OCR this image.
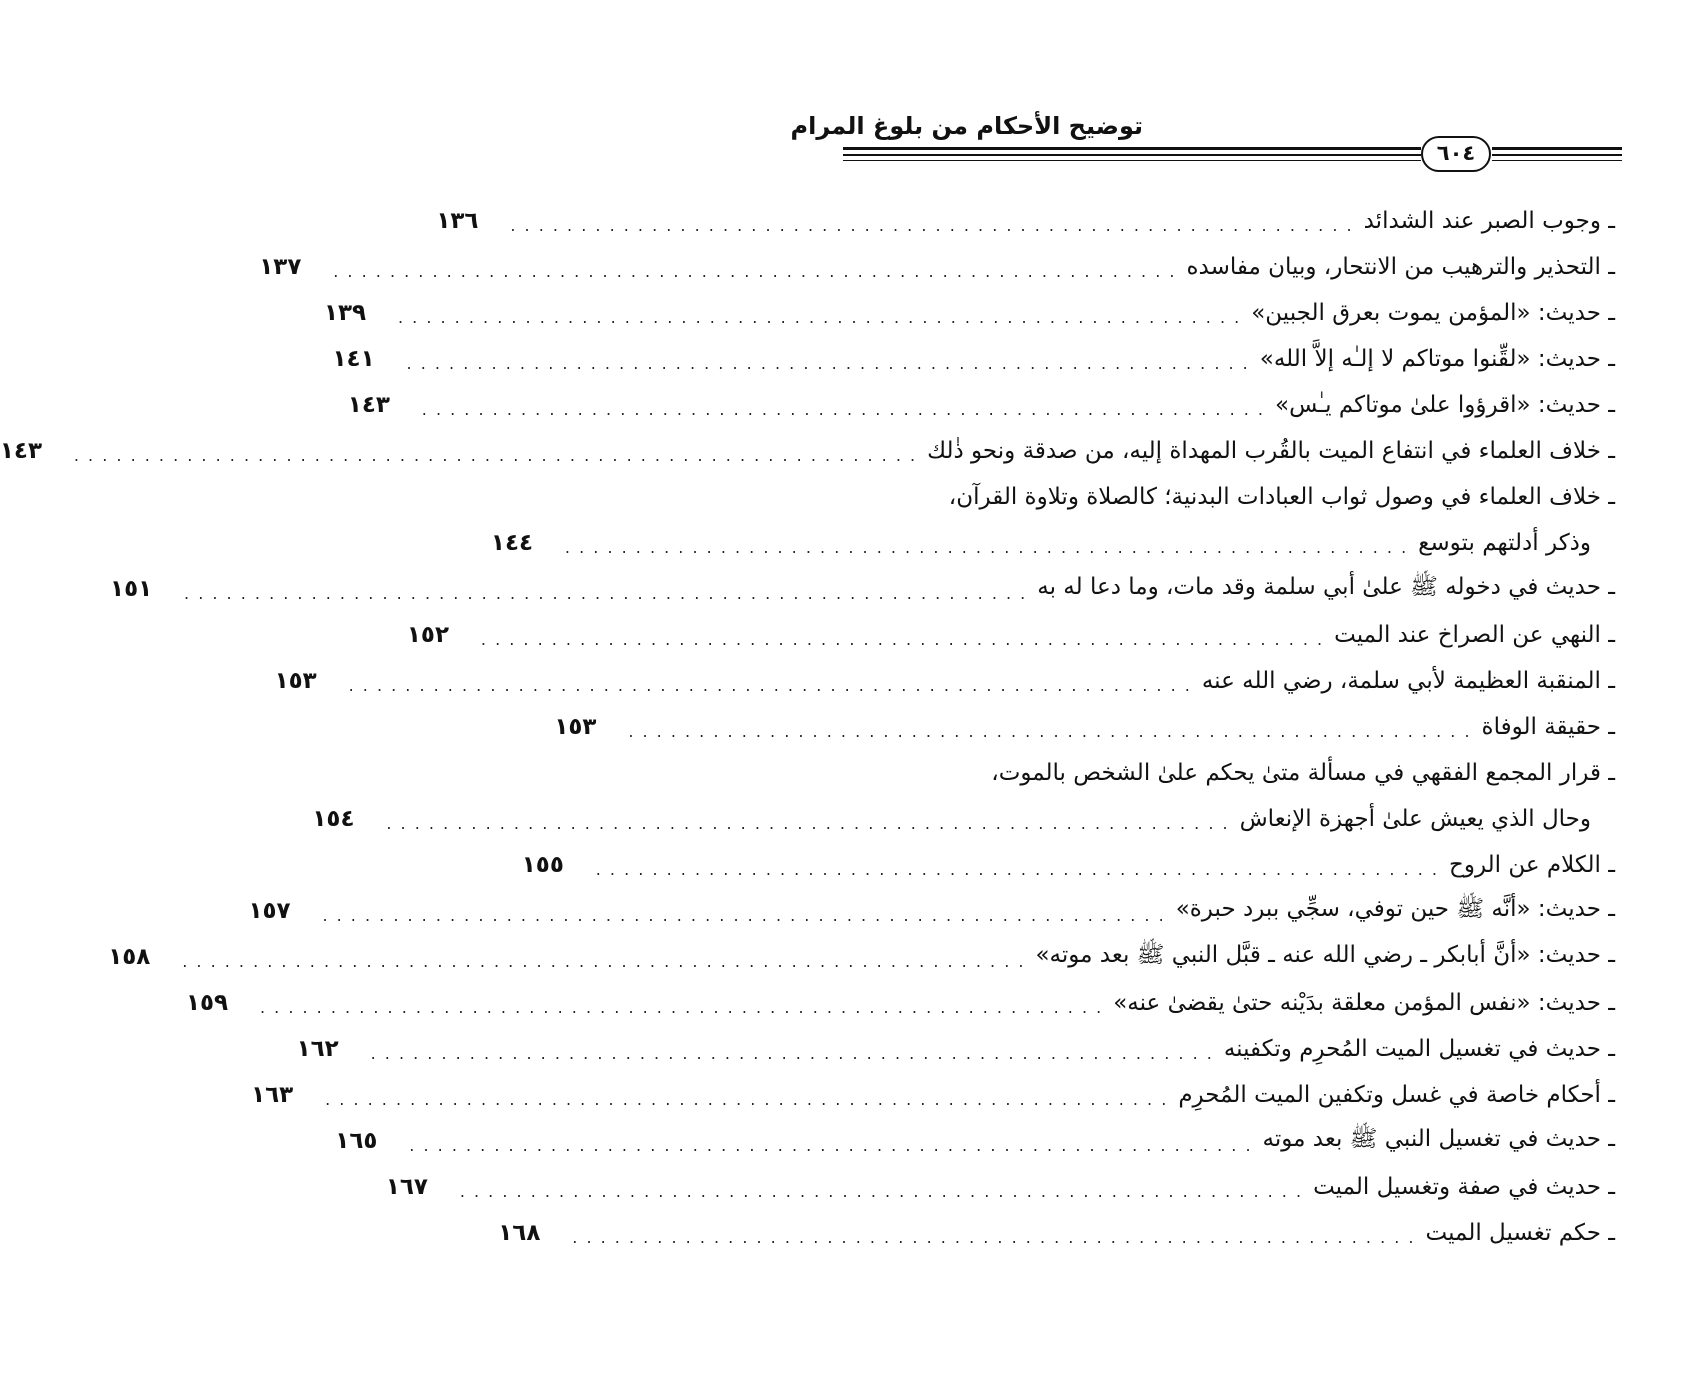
توضيح الأحكام من بلوغ المرام
٦٠٤
ـ وجوب الصبر عند الشدائد
. . . . . . . . . . . . . . . . . . . . . . . . . . . . . . . . . . . . . . . . . . . . . . . . . . . . . . . . . . . .
١٣٦
ـ التحذير والترهيب من الانتحار، وبيان مفاسده
. . . . . . . . . . . . . . . . . . . . . . . . . . . . . . . . . . . . . . . . . . . . . . . . . . . . . . . . . . . .
١٣٧
ـ حديث: «المؤمن يموت بعرق الجبين»
. . . . . . . . . . . . . . . . . . . . . . . . . . . . . . . . . . . . . . . . . . . . . . . . . . . . . . . . . . . .
١٣٩
ـ حديث: «لقِّنوا موتاكم لا إلـٰه إلاَّ الله»
. . . . . . . . . . . . . . . . . . . . . . . . . . . . . . . . . . . . . . . . . . . . . . . . . . . . . . . . . . . .
١٤١
ـ حديث: «اقرؤوا علىٰ موتاكم يـٰس»
. . . . . . . . . . . . . . . . . . . . . . . . . . . . . . . . . . . . . . . . . . . . . . . . . . . . . . . . . . . .
١٤٣
ـ خلاف العلماء في انتفاع الميت بالقُرب المهداة إليه، من صدقة ونحو ذٰلك
. . . . . . . . . . . . . . . . . . . . . . . . . . . . . . . . . . . . . . . . . . . . . . . . . . . . . . . . . . . .
١٤٣
ـ خلاف العلماء في وصول ثواب العبادات البدنية؛ كالصلاة وتلاوة القرآن،
وذكر أدلتهم بتوسع
. . . . . . . . . . . . . . . . . . . . . . . . . . . . . . . . . . . . . . . . . . . . . . . . . . . . . . . . . . . .
١٤٤
ـ حديث في دخوله ﷺ علىٰ أبي سلمة وقد مات، وما دعا له به
. . . . . . . . . . . . . . . . . . . . . . . . . . . . . . . . . . . . . . . . . . . . . . . . . . . . . . . . . . . .
١٥١
ـ النهي عن الصراخ عند الميت
. . . . . . . . . . . . . . . . . . . . . . . . . . . . . . . . . . . . . . . . . . . . . . . . . . . . . . . . . . . .
١٥٢
ـ المنقبة العظيمة لأبي سلمة، رضي الله عنه
. . . . . . . . . . . . . . . . . . . . . . . . . . . . . . . . . . . . . . . . . . . . . . . . . . . . . . . . . . . .
١٥٣
ـ حقيقة الوفاة
. . . . . . . . . . . . . . . . . . . . . . . . . . . . . . . . . . . . . . . . . . . . . . . . . . . . . . . . . . . .
١٥٣
ـ قرار المجمع الفقهي في مسألة متىٰ يحكم علىٰ الشخص بالموت،
وحال الذي يعيش علىٰ أجهزة الإنعاش
. . . . . . . . . . . . . . . . . . . . . . . . . . . . . . . . . . . . . . . . . . . . . . . . . . . . . . . . . . . .
١٥٤
ـ الكلام عن الروح
. . . . . . . . . . . . . . . . . . . . . . . . . . . . . . . . . . . . . . . . . . . . . . . . . . . . . . . . . . . .
١٥٥
ـ حديث: «أنَّه ﷺ حين توفي، سجِّي ببرد حبرة»
. . . . . . . . . . . . . . . . . . . . . . . . . . . . . . . . . . . . . . . . . . . . . . . . . . . . . . . . . . . .
١٥٧
ـ حديث: «أنَّ أبابكر ـ رضي الله عنه ـ قبَّل النبي ﷺ بعد موته»
. . . . . . . . . . . . . . . . . . . . . . . . . . . . . . . . . . . . . . . . . . . . . . . . . . . . . . . . . . . .
١٥٨
ـ حديث: «نفس المؤمن معلقة بدَيْنه حتىٰ يقضىٰ عنه»
. . . . . . . . . . . . . . . . . . . . . . . . . . . . . . . . . . . . . . . . . . . . . . . . . . . . . . . . . . . .
١٥٩
ـ حديث في تغسيل الميت المُحرِم وتكفينه
. . . . . . . . . . . . . . . . . . . . . . . . . . . . . . . . . . . . . . . . . . . . . . . . . . . . . . . . . . . .
١٦٢
ـ أحكام خاصة في غسل وتكفين الميت المُحرِم
. . . . . . . . . . . . . . . . . . . . . . . . . . . . . . . . . . . . . . . . . . . . . . . . . . . . . . . . . . . .
١٦٣
ـ حديث في تغسيل النبي ﷺ بعد موته
. . . . . . . . . . . . . . . . . . . . . . . . . . . . . . . . . . . . . . . . . . . . . . . . . . . . . . . . . . . .
١٦٥
ـ حديث في صفة وتغسيل الميت
. . . . . . . . . . . . . . . . . . . . . . . . . . . . . . . . . . . . . . . . . . . . . . . . . . . . . . . . . . . .
١٦٧
ـ حكم تغسيل الميت
. . . . . . . . . . . . . . . . . . . . . . . . . . . . . . . . . . . . . . . . . . . . . . . . . . . . . . . . . . . .
١٦٨
